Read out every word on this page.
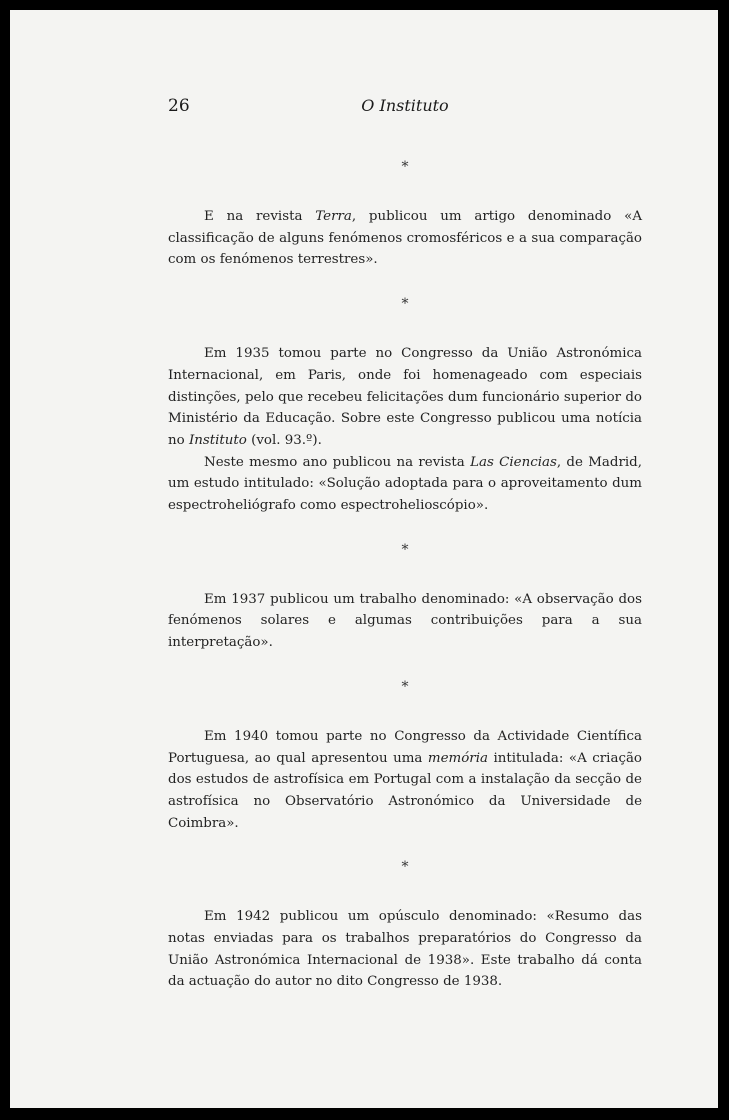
26	O Instituto
*

E na revista Terra, publicou um artigo denominado «A classificação de alguns fenómenos cromosféricos e a sua comparação com os fenómenos terrestres».

*

Em 1935 tomou parte no Congresso da União Astronómica Internacional, em Paris, onde foi homenageado com especiais distinções, pelo que recebeu felicitações dum funcionário superior do Ministério da Educação. Sobre este Congresso publicou uma notícia no Instituto (vol. 93.º).

Neste mesmo ano publicou na revista Las Ciencias, de Madrid, um estudo intitulado: «Solução adoptada para o aproveitamento dum espectroheliógrafo como espectrohelioscópio».

*

Em 1937 publicou um trabalho denominado: «A observação dos fenómenos solares e algumas contribuições para a sua interpretação».

*

Em 1940 tomou parte no Congresso da Actividade Científica Portuguesa, ao qual apresentou uma memória intitulada: «A criação dos estudos de astrofísica em Portugal com a instalação da secção de astrofísica no Observatório Astronómico da Universidade de Coimbra».

*

Em 1942 publicou um opúsculo denominado: «Resumo das notas enviadas para os trabalhos preparatórios do Congresso da União Astronómica Internacional de 1938». Este trabalho dá conta da actuação do autor no dito Congresso de 1938.
